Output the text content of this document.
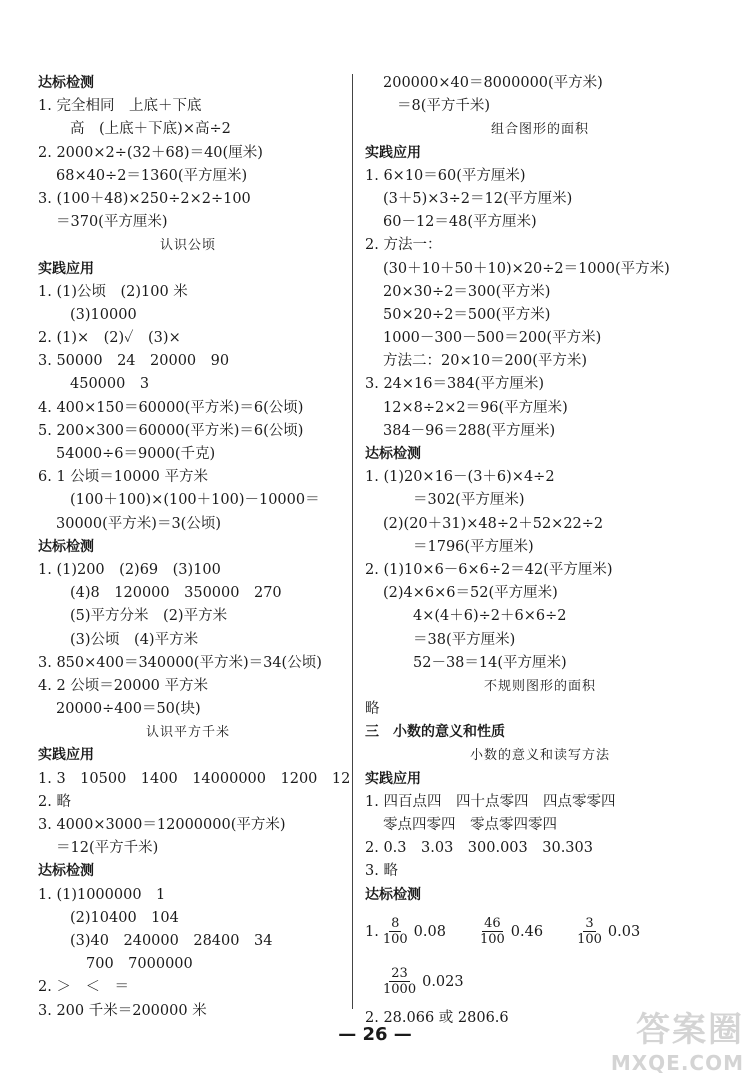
达标检测
1. 完全相同　上底＋下底
高　(上底＋下底)×高÷2
2. 2000×2÷(32＋68)＝40(厘米)
68×40÷2＝1360(平方厘米)
3. (100＋48)×250÷2×2÷100
＝370(平方厘米)
认识公顷
实践应用
1. (1)公顷　(2)100 米
(3)10000
2. (1)×　(2)✓　(3)×
3. 50000　24　20000　90
450000　3
4. 400×150＝60000(平方米)＝6(公顷)
5. 200×300＝60000(平方米)＝6(公顷)
54000÷6＝9000(千克)
6. 1 公顷＝10000 平方米
(100＋100)×(100＋100)－10000＝
30000(平方米)＝3(公顷)
达标检测
1. (1)200　(2)69　(3)100
(4)8　120000　350000　270
(5)平方分米　(2)平方米
(3)公顷　(4)平方米
3. 850×400＝340000(平方米)＝34(公顷)
4. 2 公顷＝20000 平方米
20000÷400＝50(块)
认识平方千米
实践应用
1. 3　10500　1400　14000000　1200　12
2. 略
3. 4000×3000＝12000000(平方米)
＝12(平方千米)
达标检测
1. (1)1000000　1
(2)10400　104
(3)40　240000　28400　34
700　7000000
2. ＞　＜　＝
3. 200 千米＝200000 米
200000×40＝8000000(平方米)
＝8(平方千米)
组合图形的面积
实践应用
1. 6×10＝60(平方厘米)
(3＋5)×3÷2＝12(平方厘米)
60－12＝48(平方厘米)
2. 方法一：
(30＋10＋50＋10)×20÷2＝1000(平方米)
20×30÷2＝300(平方米)
50×20÷2＝500(平方米)
1000－300－500＝200(平方米)
方法二：20×10＝200(平方米)
3. 24×16＝384(平方厘米)
12×8÷2×2＝96(平方厘米)
384－96＝288(平方厘米)
达标检测
1. (1)20×16－(3＋6)×4÷2
＝302(平方厘米)
(2)(20＋31)×48÷2＋52×22÷2
＝1796(平方厘米)
2. (1)10×6－6×6÷2＝42(平方厘米)
(2)4×6×6＝52(平方厘米)
4×(4＋6)÷2＋6×6÷2
＝38(平方厘米)
52－38＝14(平方厘米)
不规则图形的面积
略
三　小数的意义和性质
小数的意义和读写方法
实践应用
1. 四百点四　四十点零四　四点零零四
零点四零四　零点零四零四
2. 0.3　3.03　300.003　30.303
3. 略
达标检测
1. $\frac{8}{100} 0.08$	$\frac{46}{100} 0.46$	$\frac{3}{100} 0.03$
$\frac{23}{1000} 0.023$
2. 28.066 或 2806.6
— 26 —	答案圈
MXQE.COM
